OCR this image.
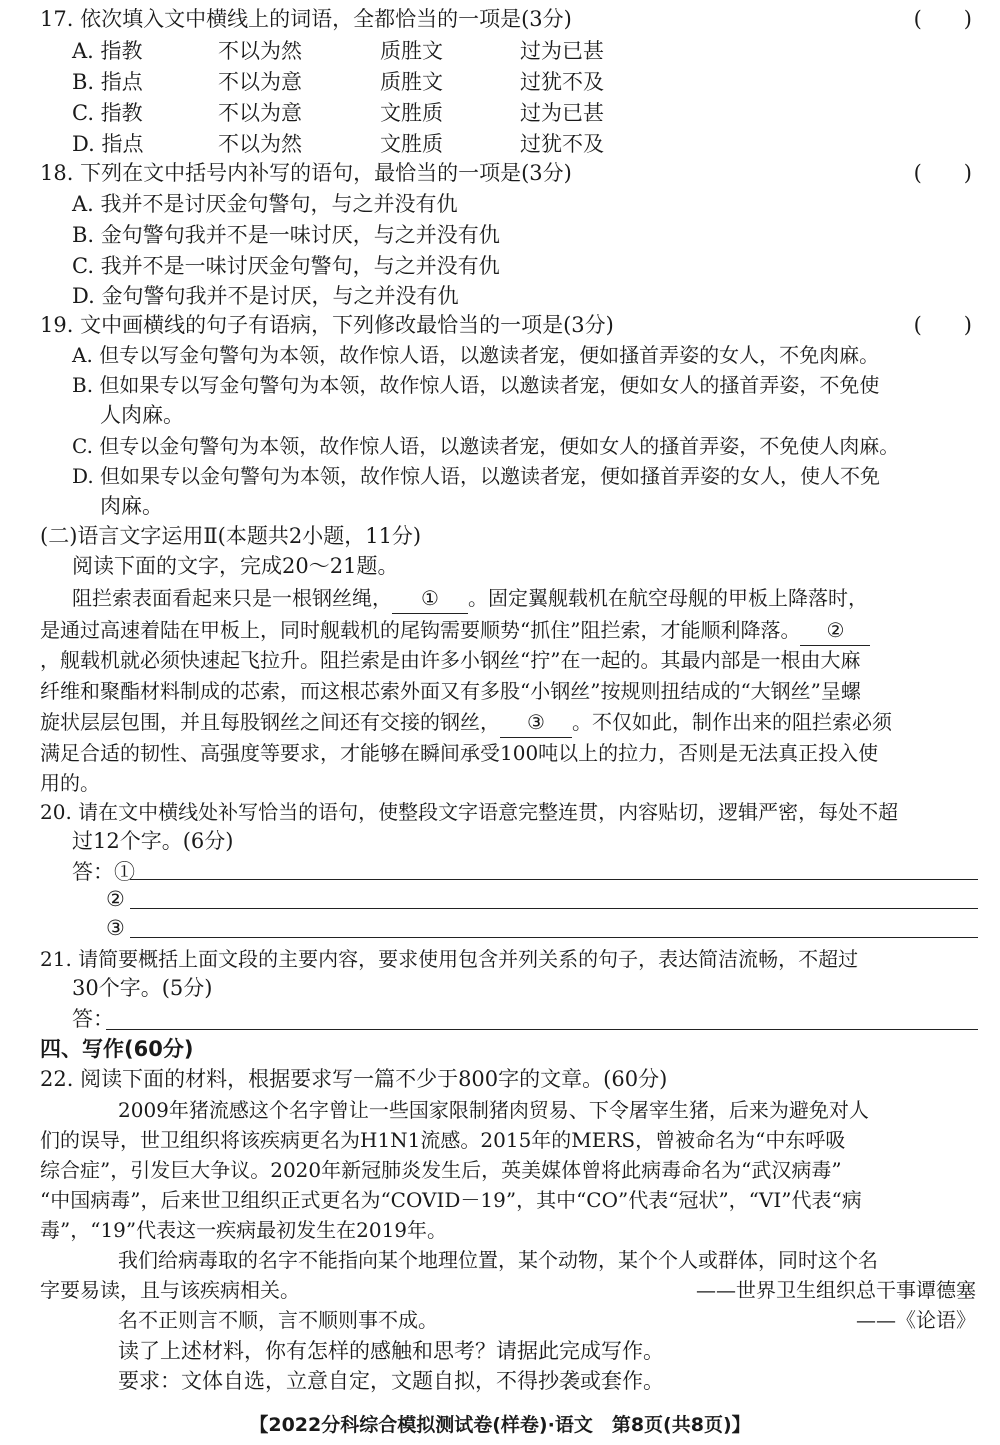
17. 依次填入文中横线上的词语，全都恰当的一项是(3分)	(　　)
A. 指教	不以为然	质胜文	过为已甚
B. 指点	不以为意	质胜文	过犹不及
C. 指教	不以为意	文胜质	过为已甚
D. 指点	不以为然	文胜质	过犹不及
18. 下列在文中括号内补写的语句，最恰当的一项是(3分)	(　　)
A. 我并不是讨厌金句警句，与之并没有仇
B. 金句警句我并不是一味讨厌，与之并没有仇
C. 我并不是一味讨厌金句警句，与之并没有仇
D. 金句警句我并不是讨厌，与之并没有仇
19. 文中画横线的句子有语病，下列修改最恰当的一项是(3分)	(　　)
A. 但专以写金句警句为本领，故作惊人语，以邀读者宠，便如搔首弄姿的女人，不免肉麻。
B. 但如果专以写金句警句为本领，故作惊人语，以邀读者宠，便如女人的搔首弄姿，不免使
人肉麻。
C. 但专以金句警句为本领，故作惊人语，以邀读者宠，便如女人的搔首弄姿，不免使人肉麻。
D. 但如果专以金句警句为本领，故作惊人语，以邀读者宠，便如搔首弄姿的女人，使人不免
肉麻。
(二)语言文字运用Ⅱ(本题共2小题，11分)
阅读下面的文字，完成20～21题。
阻拦索表面看起来只是一根钢丝绳， ① 。固定翼舰载机在航空母舰的甲板上降落时，
是通过高速着陆在甲板上，同时舰载机的尾钩需要顺势“抓住”阻拦索，才能顺利降落。 ②
，舰载机就必须快速起飞拉升。阻拦索是由许多小钢丝“拧”在一起的。其最内部是一根由大麻
纤维和聚酯材料制成的芯索，而这根芯索外面又有多股“小钢丝”按规则扭结成的“大钢丝”呈螺
旋状层层包围，并且每股钢丝之间还有交接的钢丝， ③ 。不仅如此，制作出来的阻拦索必须
满足合适的韧性、高强度等要求，才能够在瞬间承受100吨以上的拉力，否则是无法真正投入使
用的。
20. 请在文中横线处补写恰当的语句，使整段文字语意完整连贯，内容贴切，逻辑严密，每处不超
过12个字。(6分)
答：①
②
③
21. 请简要概括上面文段的主要内容，要求使用包含并列关系的句子，表达简洁流畅，不超过
30个字。(5分)
答：
四、写作(60分)
22. 阅读下面的材料，根据要求写一篇不少于800字的文章。(60分)
2009年猪流感这个名字曾让一些国家限制猪肉贸易、下令屠宰生猪，后来为避免对人
们的误导，世卫组织将该疾病更名为H1N1流感。2015年的MERS，曾被命名为“中东呼吸
综合症”，引发巨大争议。2020年新冠肺炎发生后，英美媒体曾将此病毒命名为“武汉病毒”
“中国病毒”，后来世卫组织正式更名为“COVID－19”，其中“CO”代表“冠状”，“VI”代表“病
毒”，“19”代表这一疾病最初发生在2019年。
我们给病毒取的名字不能指向某个地理位置，某个动物，某个个人或群体，同时这个名
字要易读，且与该疾病相关。	——世界卫生组织总干事谭德塞
名不正则言不顺，言不顺则事不成。	——《论语》
读了上述材料，你有怎样的感触和思考？请据此完成写作。
要求：文体自选，立意自定，文题自拟，不得抄袭或套作。
【2022分科综合模拟测试卷(样卷)·语文　第8页(共8页)】
